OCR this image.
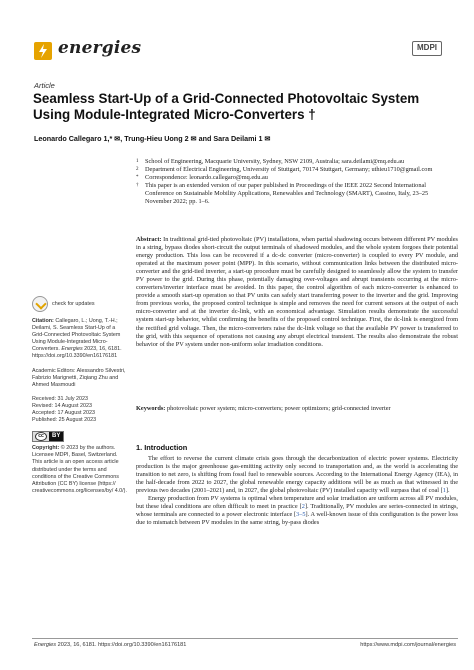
energies	MDPI
Article
Seamless Start-Up of a Grid-Connected Photovoltaic System Using Module-Integrated Micro-Converters †
Leonardo Callegaro 1,* ✉, Trung-Hieu Uong 2 ✉ and Sara Deilami 1 ✉
1	School of Engineering, Macquarie University, Sydney, NSW 2109, Australia; sara.deilami@mq.edu.au
2	Department of Electrical Engineering, University of Stuttgart, 70174 Stuttgart, Germany; uthieu1710@gmail.com
*	Correspondence: leonardo.callegaro@mq.edu.au
†	This paper is an extended version of our paper published in Proceedings of the IEEE 2022 Second International Conference on Sustainable Mobility Applications, Renewables and Technology (SMART), Cassino, Italy, 23–25 November 2022; pp. 1–6.
Abstract: In traditional grid-tied photovoltaic (PV) installations, when partial shadowing occurs between different PV modules in a string, bypass diodes short-circuit the output terminals of shadowed modules, and the whole system forgoes their potential energy production. This loss can be recovered if a dc-dc converter (micro-converter) is coupled to every PV module, and operated at the maximum power point (MPP). In this scenario, without communication links between the distributed micro-converter and the grid-tied inverter, a start-up procedure must be carefully designed to seamlessly allow the system to transfer PV power to the grid. During this phase, potentially damaging over-voltages and abrupt transients occurring at the micro-converters/inverter interface must be avoided. In this paper, the control algorithm of each micro-converter is enhanced to provide a smooth start-up operation so that PV units can safely start transferring power to the inverter and the grid. Improving from previous works, the proposed control technique is simple and removes the need for current sensors at the output of each micro-converter and at the inverter dc-link, with an economical advantage. Simulation results demonstrate the successful system start-up behavior, whilst confirming the benefits of the proposed control technique. First, the dc-link is energized from the rectified grid voltage. Then, the micro-converters raise the dc-link voltage so that the available PV power is transferred to the grid, with this sequence of operations not causing any abrupt electrical transient. The results also demonstrate the robust behavior of the PV system under non-uniform solar irradiation conditions.
Keywords: photovoltaic power system; micro-converters; power optimizers; grid-connected inverter
check for updates
Citation: Callegaro, L.; Uong, T.-H.; Deilami, S. Seamless Start-Up of a Grid-Connected Photovoltaic System Using Module-Integrated Micro-Converters. Energies 2023, 16, 6181. https://doi.org/10.3390/en16176181
Academic Editors: Alessandro Silvestri, Fabrizio Marignetti, Ziqiang Zhu and Ahmed Masmoudi
Received: 31 July 2023
Revised: 14 August 2023
Accepted: 17 August 2023
Published: 25 August 2023
cc	BY
Copyright: © 2023 by the authors. Licensee MDPI, Basel, Switzerland. This article is an open access article distributed under the terms and conditions of the Creative Commons Attribution (CC BY) license (https:// creativecommons.org/licenses/by/ 4.0/).
1. Introduction

The effort to reverse the current climate crisis goes through the decarbonization of electric power systems. Electricity production is the major greenhouse gas-emitting activity only second to transportation and, as the world is accelerating the transition to net zero, is shifting from fossil fuel to renewable sources. According to the International Energy Agency (IEA), in the half-decade from 2022 to 2027, the global renewable energy capacity additions will be as much as that witnessed in the previous two decades (2001–2021) and, in 2027, the global photovoltaic (PV) installed capacity will surpass that of coal [1].

Energy production from PV systems is optimal when temperature and solar irradiation are uniform across all PV modules, but these ideal conditions are often difficult to meet in practice [2]. Traditionally, PV modules are series-connected in strings, whose terminals are connected to a power electronic interface [3–5]. A well-known issue of this configuration is the power loss due to mismatch between PV modules in the same string, by-pass diodes

Energies 2023, 16, 6181. https://doi.org/10.3390/en16176181	https://www.mdpi.com/journal/energies
